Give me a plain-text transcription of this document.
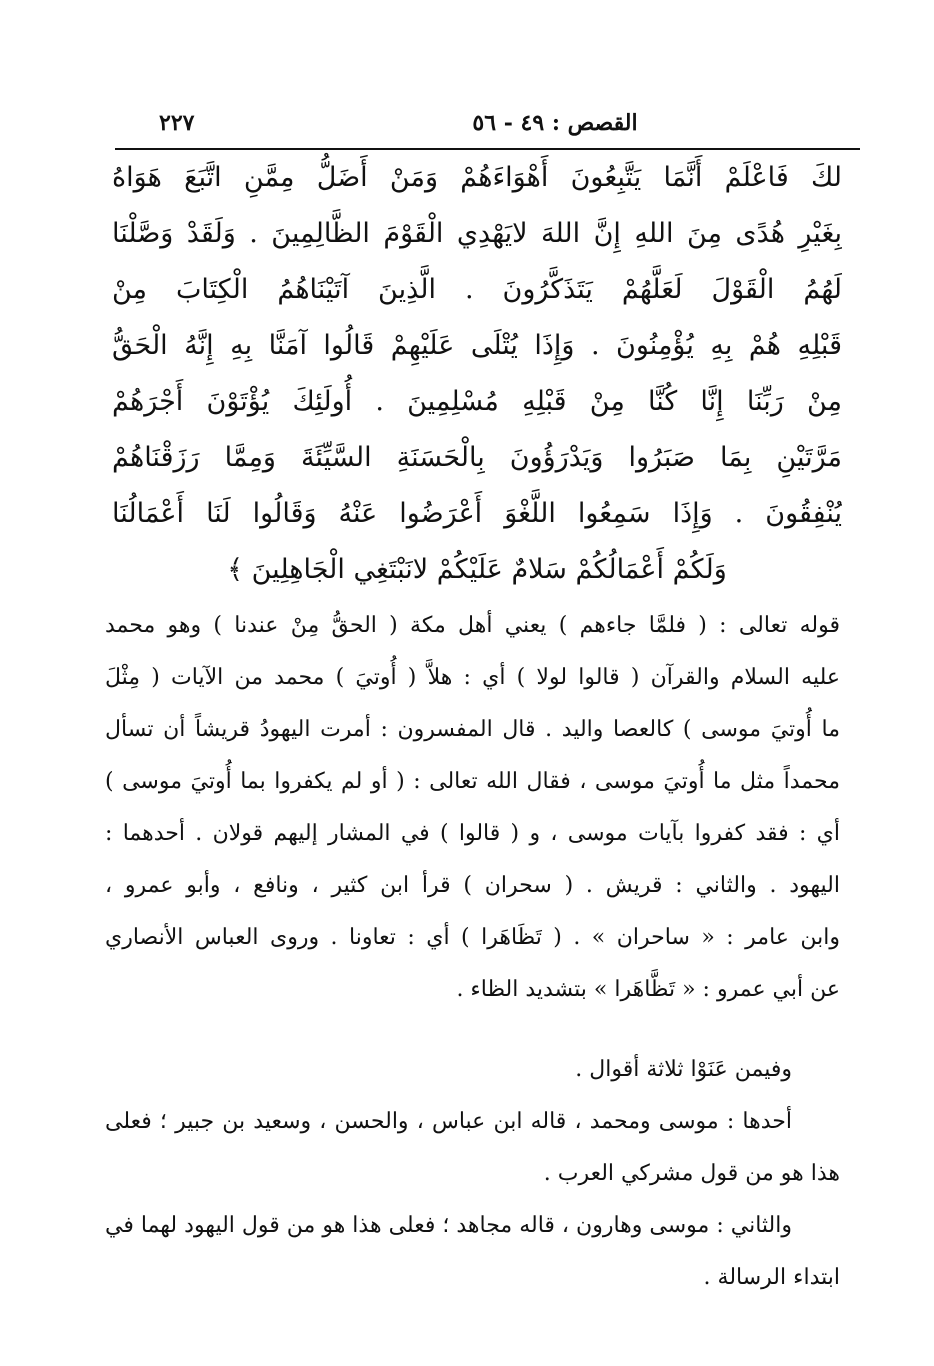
٢٢٧	القصص : ٤٩ - ٥٦
لكَ فَاعْلَمْ أَنَّمَا يَتَّبِعُونَ أَهْوَاءَهُمْ وَمَنْ أَضَلُّ مِمَّنِ اتَّبَعَ هَوَاهُ
بِغَيْرِ هُدًى مِنَ اللهِ إِنَّ اللهَ لايَهْدِي الْقَوْمَ الظَّالِمِينَ . وَلَقَدْ وَصَّلْنَا
لَهُمُ الْقَوْلَ لَعَلَّهُمْ يَتَذَكَّرُونَ . الَّذِينَ آتَيْنَاهُمُ الْكِتَابَ مِنْ
قَبْلِهِ هُمْ بِهِ يُؤْمِنُونَ . وَإِذَا يُتْلَى عَلَيْهِمْ قَالُوا آمَنَّا بِهِ إِنَّهُ الْحَقُّ
مِنْ رَبِّنَا إِنَّا كُنَّا مِنْ قَبْلِهِ مُسْلِمِينَ . أُولَئِكَ يُؤْتَوْنَ أَجْرَهُمْ
مَرَّتَيْنِ بِمَا صَبَرُوا وَيَدْرَؤُونَ بِالْحَسَنَةِ السَّيِّئَةَ وَمِمَّا رَزَقْنَاهُمْ
يُنْفِقُونَ . وَإِذَا سَمِعُوا اللَّغْوَ أَعْرَضُوا عَنْهُ وَقَالُوا لَنَا أَعْمَالُنَا
وَلَكُمْ أَعْمَالُكُمْ سَلامٌ عَلَيْكُمْ لانَبْتَغِي الْجَاهِلِينَ ﴾
قوله تعالى : ( فلمَّا جاءهم ) يعني أهل مكة ( الحقُّ مِنْ عندنا ) وهو محمد
عليه السلام والقرآن ( قالوا لولا ) أي : هلاَّ ( أُوتيَ ) محمد من الآيات ( مِثْلَ
ما أُوتيَ موسى ) كالعصا واليد . قال المفسرون : أمرت اليهودُ قريشاً أن تسأل
محمداً مثل ما أُوتيَ موسى ، فقال الله تعالى : ( أو لم يكفروا بما أُوتيَ موسى )
أي : فقد كفروا بآيات موسى ، و ( قالوا ) في المشار إليهم قولان . أحدهما :
اليهود . والثاني : قريش . ( سحران ) قرأ ابن كثير ، ونافع ، وأبو عمرو ،
وابن عامر : « ساحران » . ( تَظَاهَرا ) أي : تعاونا . وروى العباس الأنصاري
عن أبي عمرو : « تَظَّاهَرا » بتشديد الظاء .
وفيمن عَنَوْا ثلاثة أقوال .
أحدها : موسى ومحمد ، قاله ابن عباس ، والحسن ، وسعيد بن جبير ؛ فعلى
هذا هو من قول مشركي العرب .
والثاني : موسى وهارون ، قاله مجاهد ؛ فعلى هذا هو من قول اليهود لهما في
ابتداء الرسالة .
